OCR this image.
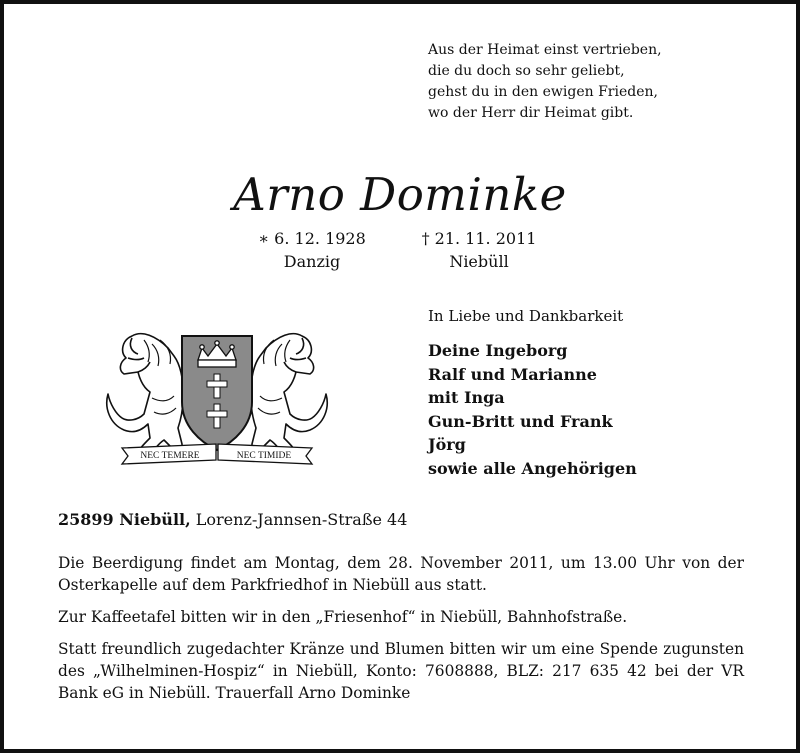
Aus der Heimat einst vertrieben,
die du doch so sehr geliebt,
gehst du in den ewigen Frieden,
wo der Herr dir Heimat gibt.
Arno Dominke
∗ 6. 12. 1928
Danzig
† 21. 11. 2011
Niebüll
NEC TEMERE	NEC TIMIDE
In Liebe und Dankbarkeit
Deine Ingeborg
Ralf und Marianne
mit Inga
Gun-Britt und Frank
Jörg
sowie alle Angehörigen
25899 Niebüll, Lorenz-Jannsen-Straße 44

Die Beerdigung findet am Montag, dem 28. November 2011, um 13.00 Uhr von der Osterkapelle auf dem Parkfriedhof in Niebüll aus statt.

Zur Kaffeetafel bitten wir in den „Friesenhof“ in Niebüll, Bahnhofstraße.

Statt freundlich zugedachter Kränze und Blumen bitten wir um eine Spende zugunsten des „Wilhelminen-Hospiz“ in Niebüll, Konto: 7608888, BLZ: 217 635 42 bei der VR Bank eG in Niebüll. Trauerfall Arno Dominke
